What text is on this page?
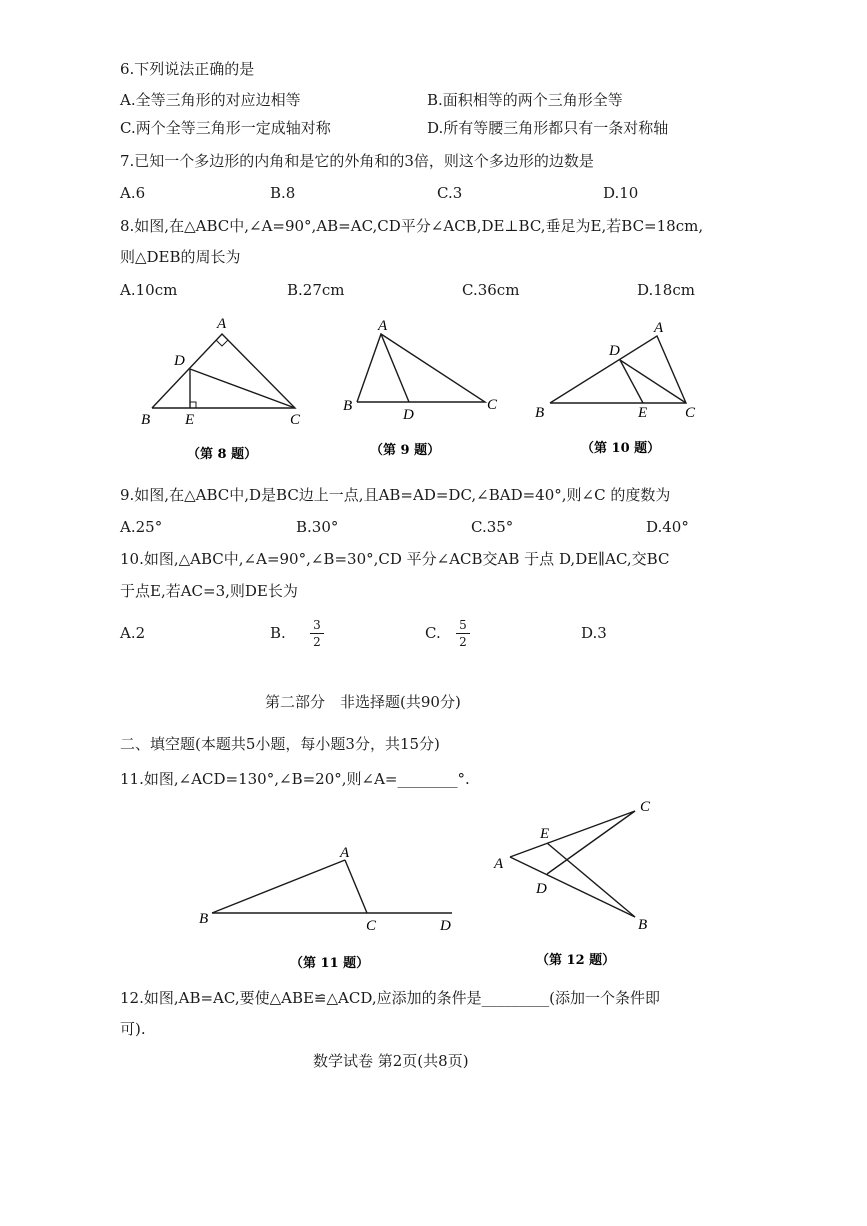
6.下列说法正确的是
A.全等三角形的对应边相等	B.面积相等的两个三角形全等
C.两个全等三角形一定成轴对称	D.所有等腰三角形都只有一条对称轴
7.已知一个多边形的内角和是它的外角和的3倍，则这个多边形的边数是
A.6	B.8	C.3	D.10
8.如图,在△ABC中,∠A=90°,AB=AC,CD平分∠ACB,DE⊥BC,垂足为E,若BC=18cm,
则△DEB的周长为
A.10cm	B.27cm	C.36cm	D.18cm
A
B	C
D
E
（第 8 题）
A
B	C
D
（第 9 题）
A
B	C
D
E
（第 10 题）
9.如图,在△ABC中,D是BC边上一点,且AB=AD=DC,∠BAD=40°,则∠C 的度数为
A.25°	B.30°	C.35°	D.40°
10.如图,△ABC中,∠A=90°,∠B=30°,CD 平分∠ACB交AB 于点 D,DE∥AC,交BC
于点E,若AC=3,则DE长为
A.2	B. 3
2	C. 5
2	D.3
第二部分　非选择题(共90分)
二、填空题(本题共5小题，每小题3分，共15分)
11.如图,∠ACD=130°,∠B=20°,则∠A=________°.
A
B	C	D
（第 11 题）
C
E
A
D
B
（第 12 题）
12.如图,AB=AC,要使△ABE≌△ACD,应添加的条件是_________(添加一个条件即
可).
数学试卷 第2页(共8页)
